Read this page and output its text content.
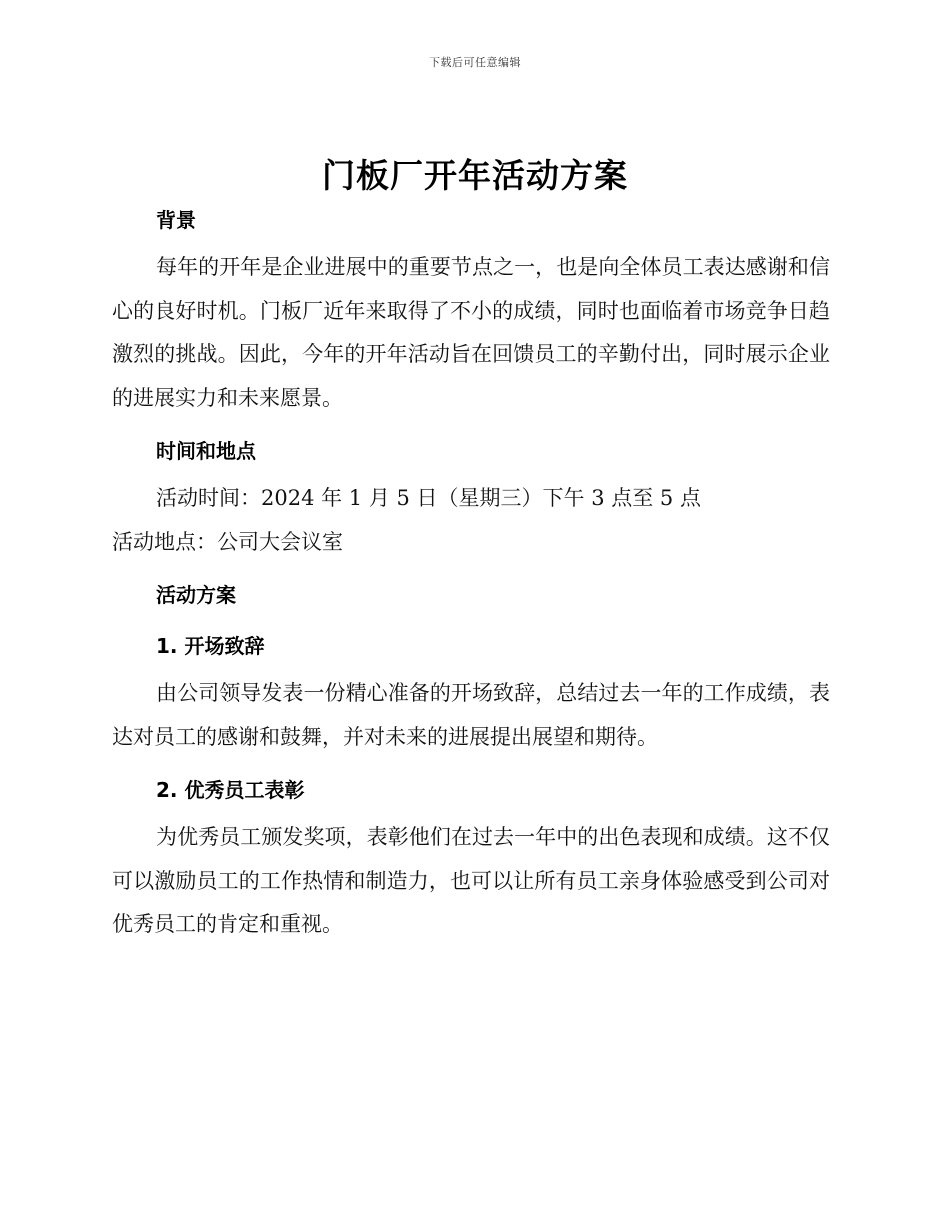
下载后可任意编辑
门板厂开年活动方案
背景

每年的开年是企业进展中的重要节点之一，也是向全体员工表达感谢和信心的良好时机。门板厂近年来取得了不小的成绩，同时也面临着市场竞争日趋激烈的挑战。因此，今年的开年活动旨在回馈员工的辛勤付出，同时展示企业的进展实力和未来愿景。

时间和地点

活动时间：2024 年 1 月 5 日（星期三）下午 3 点至 5 点

活动地点：公司大会议室

活动方案
1. 开场致辞

由公司领导发表一份精心准备的开场致辞，总结过去一年的工作成绩，表达对员工的感谢和鼓舞，并对未来的进展提出展望和期待。

2. 优秀员工表彰

为优秀员工颁发奖项，表彰他们在过去一年中的出色表现和成绩。这不仅可以激励员工的工作热情和制造力，也可以让所有员工亲身体验感受到公司对优秀员工的肯定和重视。
